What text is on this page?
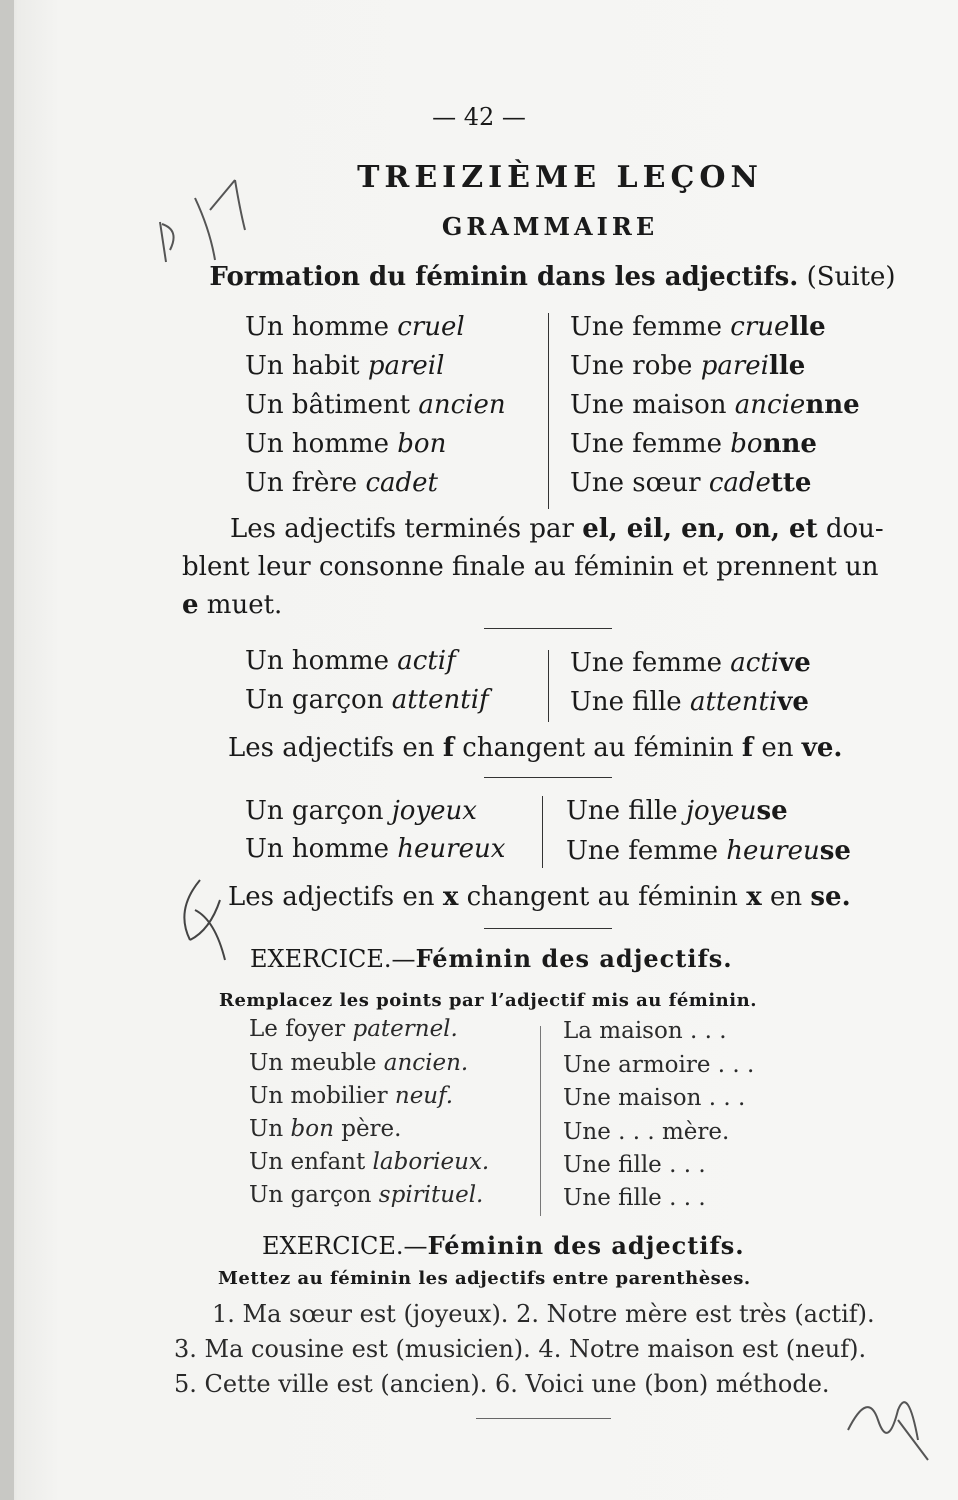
— 42 —
TREIZIÈME LEÇON
GRAMMAIRE
Formation du féminin dans les adjectifs. (Suite)
Un homme cruel	Une femme cruelle
Un habit pareil	Une robe pareille
Un bâtiment ancien Une maison ancienne
Un homme bon	Une femme bonne
Un frère cadet	Une sœur cadette
Les adjectifs terminés par el, eil, en, on, et dou-
blent leur consonne finale au féminin et prennent un
e muet.
Un homme actif	Une femme active
Un garçon attentif	Une fille attentive
Les adjectifs en f changent au féminin f en ve.
Un garçon joyeux	Une fille joyeuse
Un homme heureux Une femme heureuse
Les adjectifs en x changent au féminin x en se.
EXERCICE.—Féminin des adjectifs.
Remplacez les points par l’adjectif mis au féminin.
Le foyer paternel.	La maison . . .
Un meuble ancien.	Une armoire . . .
Un mobilier neuf.	Une maison . . .
Un bon père.	Une . . . mère.
Un enfant laborieux.	Une fille . . .
Un garçon spirituel.	Une fille . . .
EXERCICE.—Féminin des adjectifs.
Mettez au féminin les adjectifs entre parenthèses.
1. Ma sœur est (joyeux). 2. Notre mère est très (actif).
3. Ma cousine est (musicien). 4. Notre maison est (neuf).
5. Cette ville est (ancien). 6. Voici une (bon) méthode.
